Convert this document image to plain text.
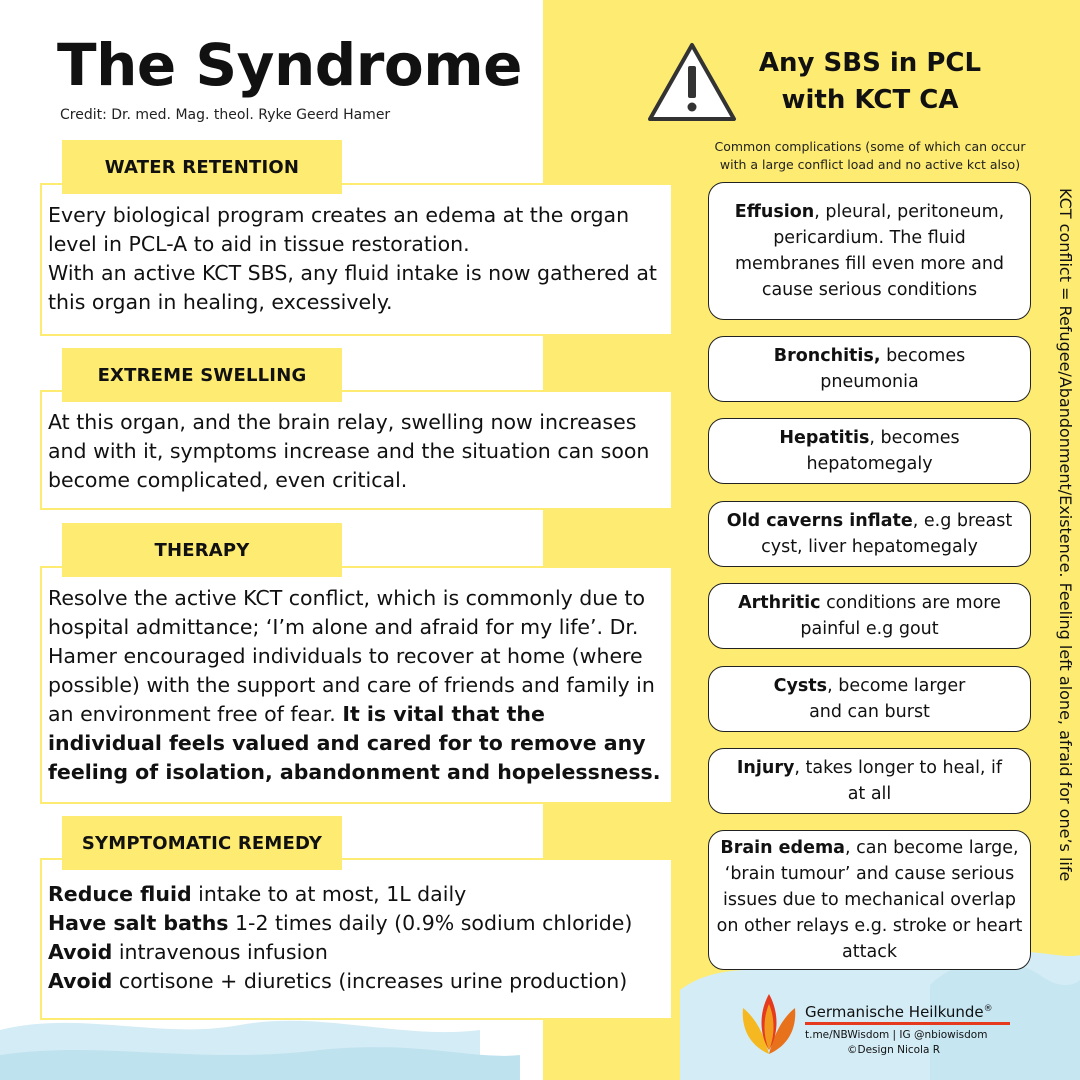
The Syndrome
Credit: Dr. med. Mag. theol. Ryke Geerd Hamer
Every biological program creates an edema at the organ level in PCL-A to aid in tissue restoration.
With an active KCT SBS, any fluid intake is now gathered at this organ in healing, excessively.
WATER RETENTION
At this organ, and the brain relay, swelling now increases and with it, symptoms increase and the situation can soon become complicated, even critical.
EXTREME SWELLING
Resolve the active KCT conflict, which is commonly due to hospital admittance; ‘I’m alone and afraid for my life’. Dr. Hamer encouraged individuals to recover at home (where possible) with the support and care of friends and family in an environment free of fear. It is vital that the individual feels valued and cared for to remove any feeling of isolation, abandonment and hopelessness.
THERAPY
Reduce fluid intake to at most, 1L daily
Have salt baths 1-2 times daily (0.9% sodium chloride)
Avoid intravenous infusion
Avoid cortisone + diuretics (increases urine production)
SYMPTOMATIC REMEDY
Any SBS in PCL
with KCT CA
Common complications (some of which can occur with a large conflict load and no active kct also)
Effusion, pleural, peritoneum, pericardium. The fluid membranes fill even more and cause serious conditions
Bronchitis, becomes pneumonia
Hepatitis, becomes hepatomegaly
Old caverns inflate, e.g breast cyst, liver hepatomegaly
Arthritic conditions are more painful e.g gout
Cysts, become larger and can burst
Injury, takes longer to heal, if at all
Brain edema, can become large, ‘brain tumour’ and cause serious issues due to mechanical overlap on other relays e.g. stroke or heart attack
KCT conflict = Refugee/Abandonment/Existence. Feeling left alone, afraid for one’s life
Germanische Heilkunde®
t.me/NBWisdom | IG @nbiowisdom
©Design Nicola R
